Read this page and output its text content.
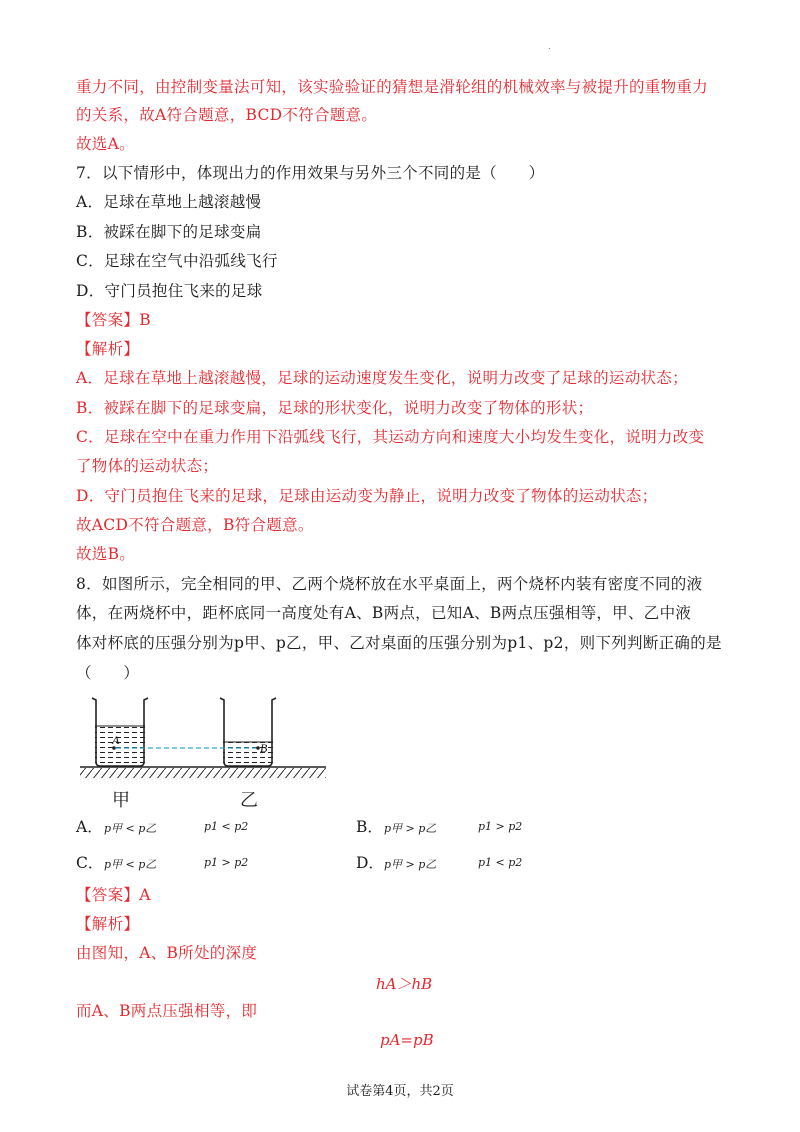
.
重力不同，由控制变量法可知，该实验验证的猜想是滑轮组的机械效率与被提升的重物重力
的关系，故A符合题意，BCD不符合题意。
故选A。
7．以下情形中，体现出力的作用效果与另外三个不同的是（　　）
A．足球在草地上越滚越慢
B．被踩在脚下的足球变扁
C．足球在空气中沿弧线飞行
D．守门员抱住飞来的足球
【答案】B
【解析】
A．足球在草地上越滚越慢，足球的运动速度发生变化，说明力改变了足球的运动状态；
B．被踩在脚下的足球变扁，足球的形状变化，说明力改变了物体的形状；
C．足球在空中在重力作用下沿弧线飞行，其运动方向和速度大小均发生变化，说明力改变
了物体的运动状态；
D．守门员抱住飞来的足球，足球由运动变为静止，说明力改变了物体的运动状态；
故ACD不符合题意，B符合题意。
故选B。
8．如图所示，完全相同的甲、乙两个烧杯放在水平桌面上，两个烧杯内装有密度不同的液
体，在两烧杯中，距杯底同一高度处有A、B两点，已知A、B两点压强相等，甲、乙中液
体对杯底的压强分别为p甲、p乙，甲、乙对桌面的压强分别为p1、p2，则下列判断正确的是
（　　）
A
B
甲	乙
A． p甲 < p乙	p1 < p2	B． p甲 > p乙	p1 > p2
C． p甲 < p乙	p1 > p2	D． p甲 > p乙	p1 < p2
【答案】A
【解析】
由图知，A、B所处的深度
hA＞hB
而A、B两点压强相等，即
pA=pB
试卷第4页，共2页
